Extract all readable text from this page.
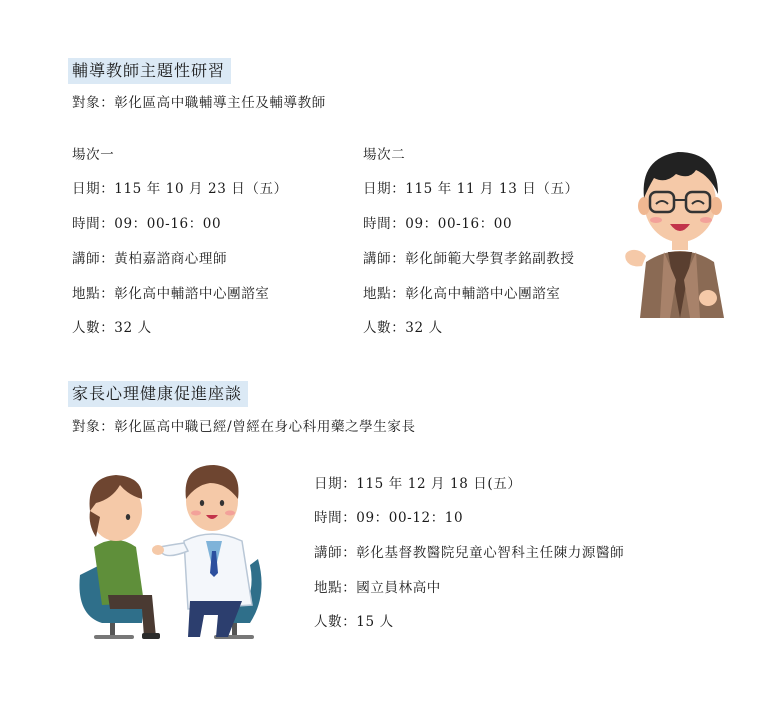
輔導教師主題性研習
對象：彰化區高中職輔導主任及輔導教師
場次一
日期：115 年 10 月 23 日（五）
時間：09：00-16：00
講師：黃柏嘉諮商心理師
地點：彰化高中輔諮中心團諮室
人數：32 人
場次二
日期：115 年 11 月 13 日（五）
時間：09：00-16：00
講師：彰化師範大學賀孝銘副教授
地點：彰化高中輔諮中心團諮室
人數：32 人
家長心理健康促進座談
對象：彰化區高中職已經/曾經在身心科用藥之學生家長
日期：115 年 12 月 18 日(五）
時間：09：00-12：10
講師：彰化基督教醫院兒童心智科主任陳力源醫師
地點：國立員林高中
人數：15 人
